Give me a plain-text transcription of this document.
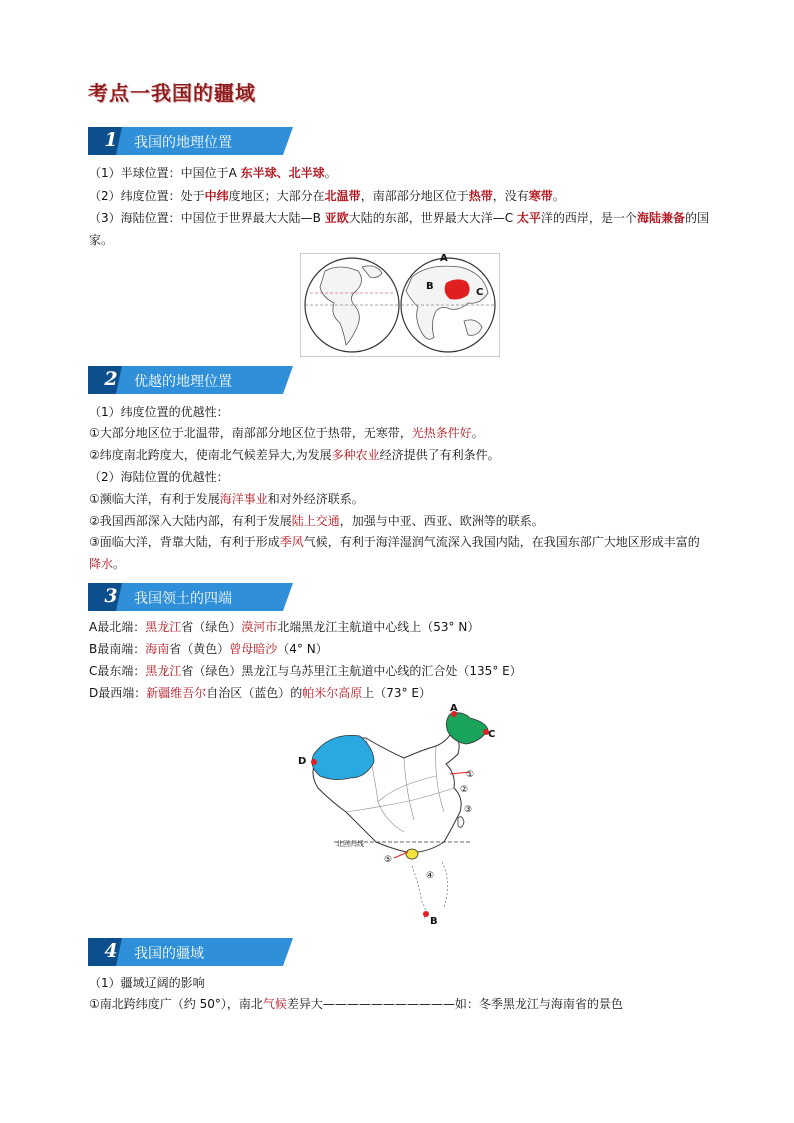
考点一我国的疆域
1	我国的地理位置
（1）半球位置：中国位于A 东半球、北半球。
（2）纬度位置：处于中纬度地区；大部分在北温带，南部部分地区位于热带，没有寒带。
（3）海陆位置：中国位于世界最大大陆—B 亚欧大陆的东部，世界最大大洋—C 太平洋的西岸，是一个海陆兼备的国家。
A
B
C
2	优越的地理位置
（1）纬度位置的优越性：
①大部分地区位于北温带，南部部分地区位于热带，无寒带，光热条件好。
②纬度南北跨度大，使南北气候差异大,为发展多种农业经济提供了有利条件。
（2）海陆位置的优越性：
①濒临大洋，有利于发展海洋事业和对外经济联系。
②我国西部深入大陆内部，有利于发展陆上交通，加强与中亚、西亚、欧洲等的联系。
③面临大洋，背靠大陆，有利于形成季风气候，有利于海洋湿润气流深入我国内陆，在我国东部广大地区形成丰富的降水。
3	我国领土的四端
A最北端：黑龙江省（绿色）漠河市北端黑龙江主航道中心线上（53° N）
B最南端：海南省（黄色）曾母暗沙（4° N）
C最东端：黑龙江省（绿色）黑龙江与乌苏里江主航道中心线的汇合处（135° E）
D最西端：新疆维吾尔自治区（蓝色）的帕米尔高原上（73° E）
A
C
D
B
北回归线
①
②
③
④
⑤
4	我国的疆域
（1）疆域辽阔的影响
①南北跨纬度广（约 50°），南北气候差异大———————————如：冬季黑龙江与海南省的景色
